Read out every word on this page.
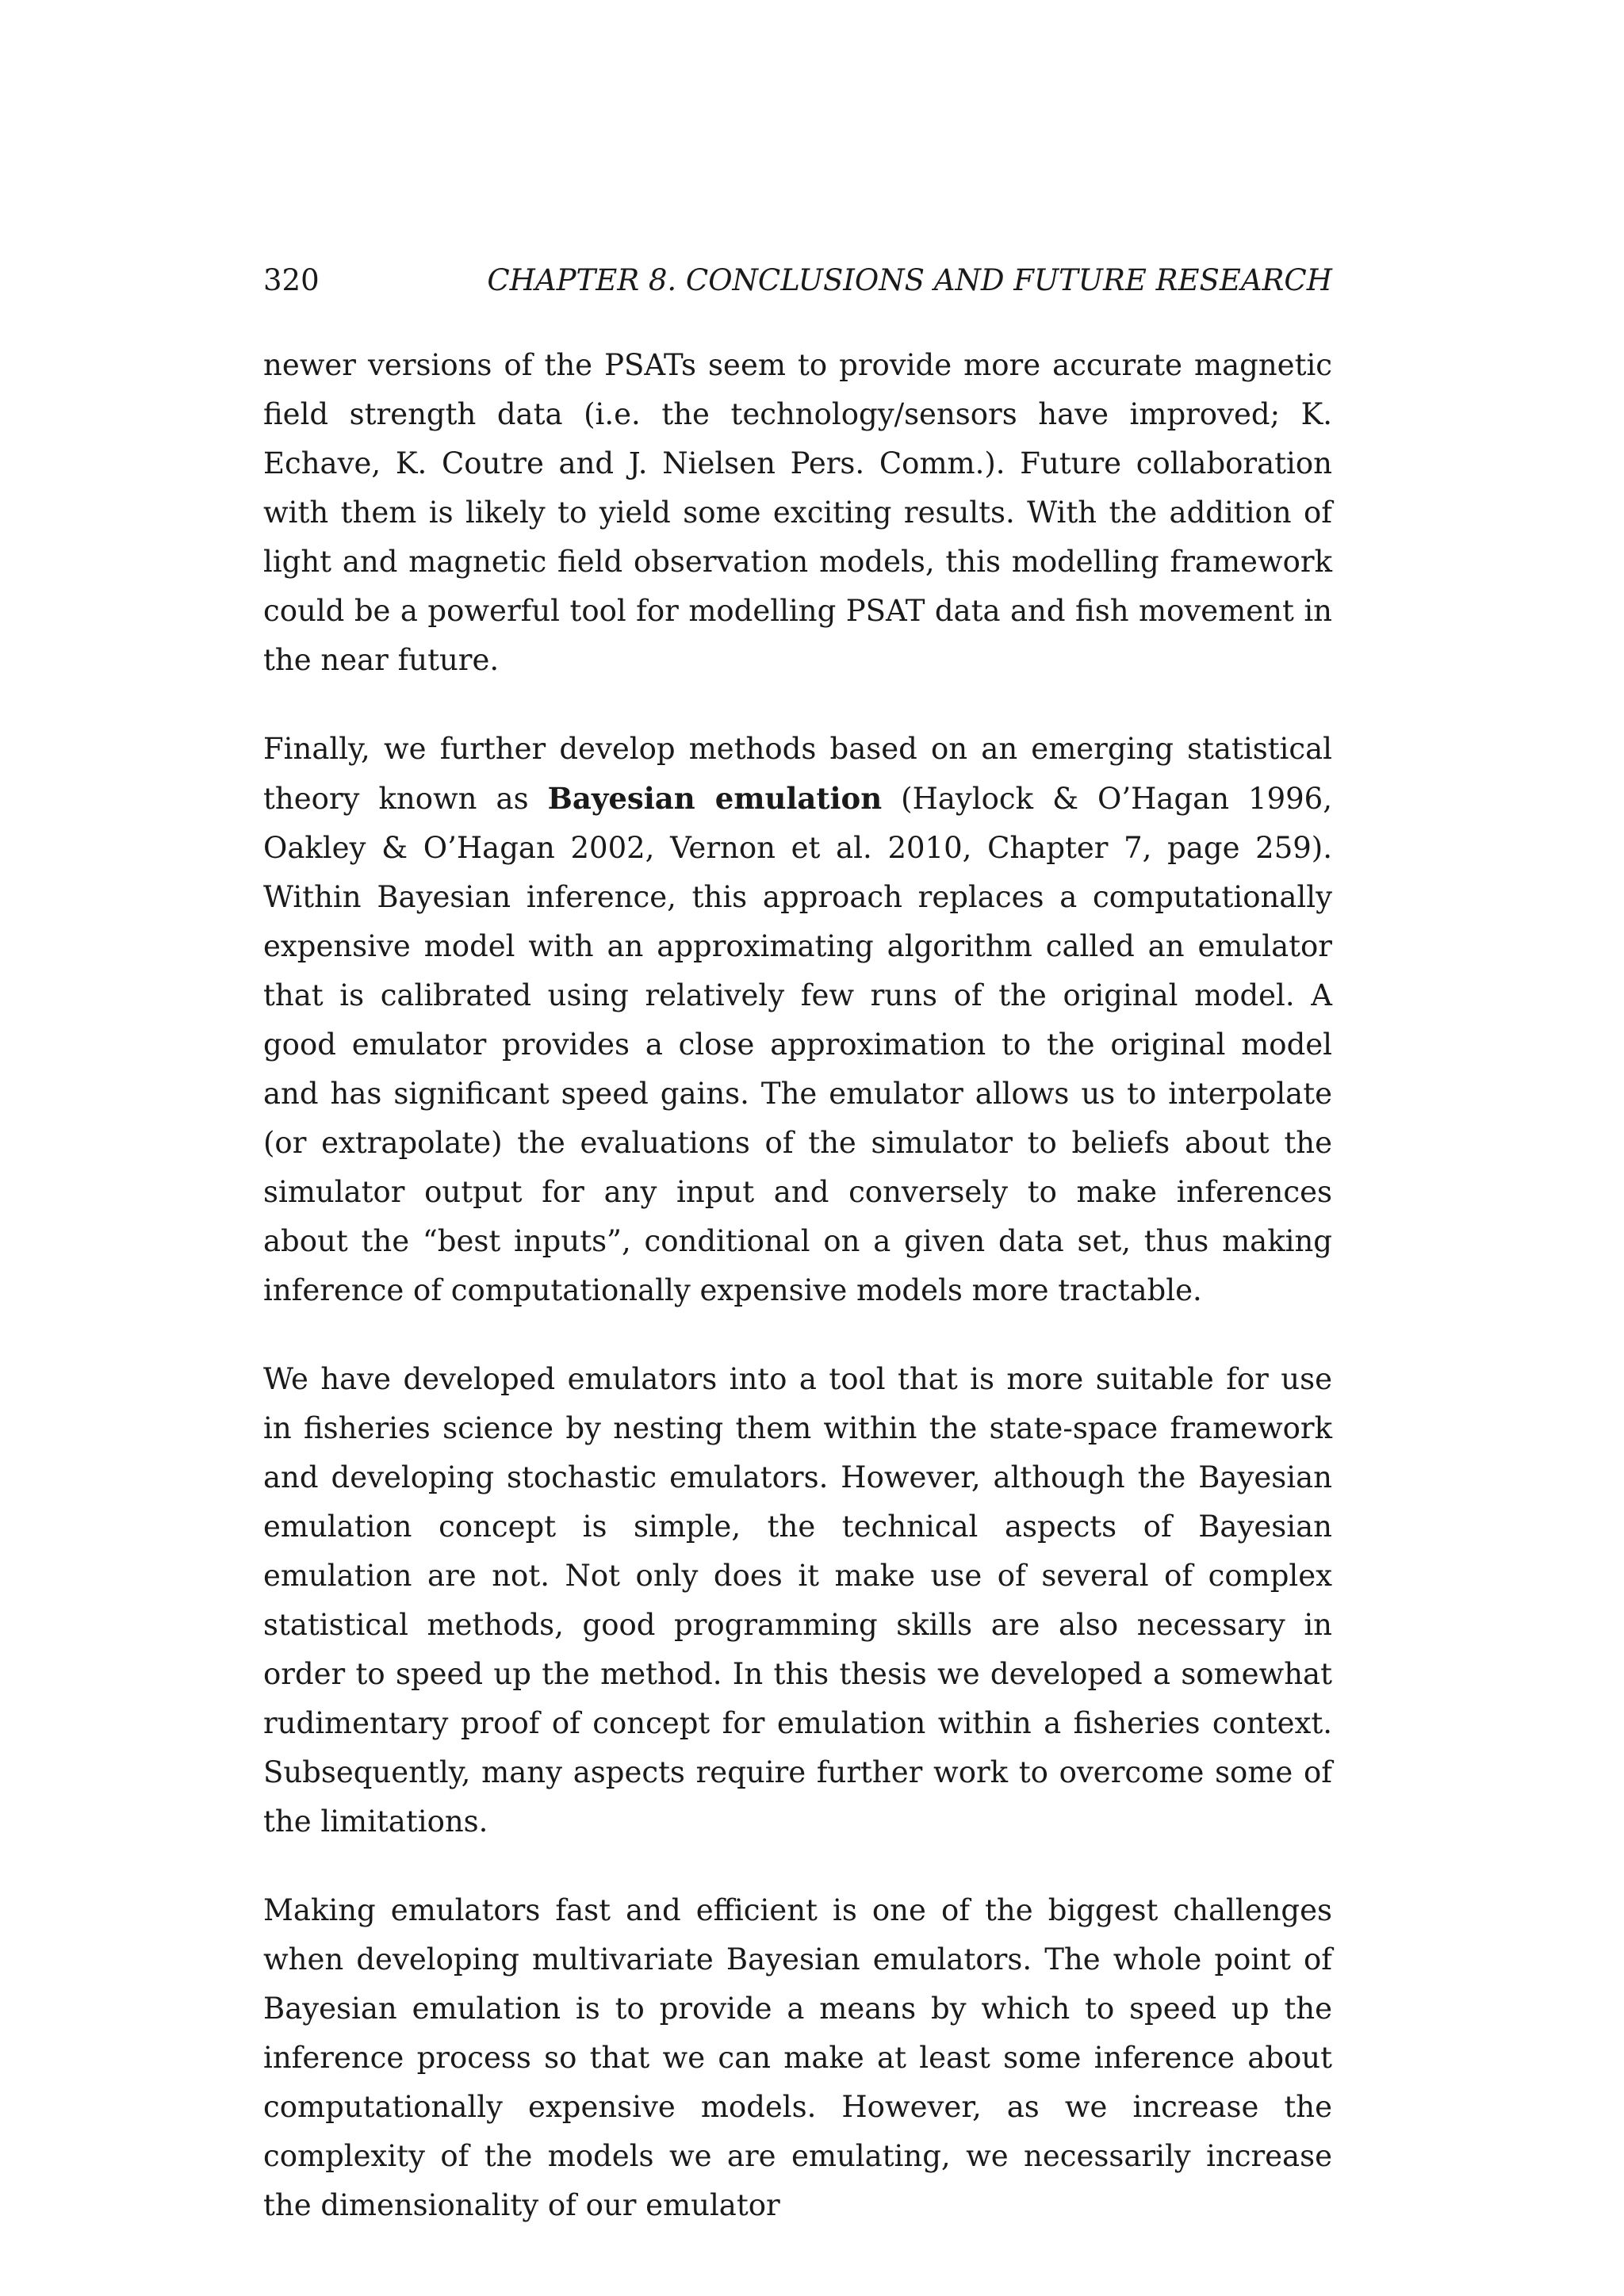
320	CHAPTER 8. CONCLUSIONS AND FUTURE RESEARCH

newer versions of the PSATs seem to provide more accurate magnetic field strength data (i.e. the technology/sensors have improved; K. Echave, K. Coutre and J. Nielsen Pers. Comm.). Future collaboration with them is likely to yield some exciting results. With the addition of light and magnetic field observation models, this modelling framework could be a powerful tool for modelling PSAT data and fish movement in the near future.

Finally, we further develop methods based on an emerging statistical theory known as Bayesian emulation (Haylock & O’Hagan 1996, Oakley & O’Hagan 2002, Vernon et al. 2010, Chapter 7, page 259). Within Bayesian inference, this approach replaces a computationally expensive model with an approximating algorithm called an emulator that is calibrated using relatively few runs of the original model. A good emulator provides a close approximation to the original model and has significant speed gains. The emulator allows us to interpolate (or extrapolate) the evaluations of the simulator to beliefs about the simulator output for any input and conversely to make inferences about the “best inputs”, conditional on a given data set, thus making inference of computationally expensive models more tractable.

We have developed emulators into a tool that is more suitable for use in fisheries science by nesting them within the state-space framework and developing stochastic emulators. However, although the Bayesian emulation concept is simple, the technical aspects of Bayesian emulation are not. Not only does it make use of several of complex statistical methods, good programming skills are also necessary in order to speed up the method. In this thesis we developed a somewhat rudimentary proof of concept for emulation within a fisheries context. Subsequently, many aspects require further work to overcome some of the limitations.

Making emulators fast and efficient is one of the biggest challenges when developing multivariate Bayesian emulators. The whole point of Bayesian emulation is to provide a means by which to speed up the inference process so that we can make at least some inference about computationally expensive models. However, as we increase the complexity of the models we are emulating, we necessarily increase the dimensionality of our emulator
